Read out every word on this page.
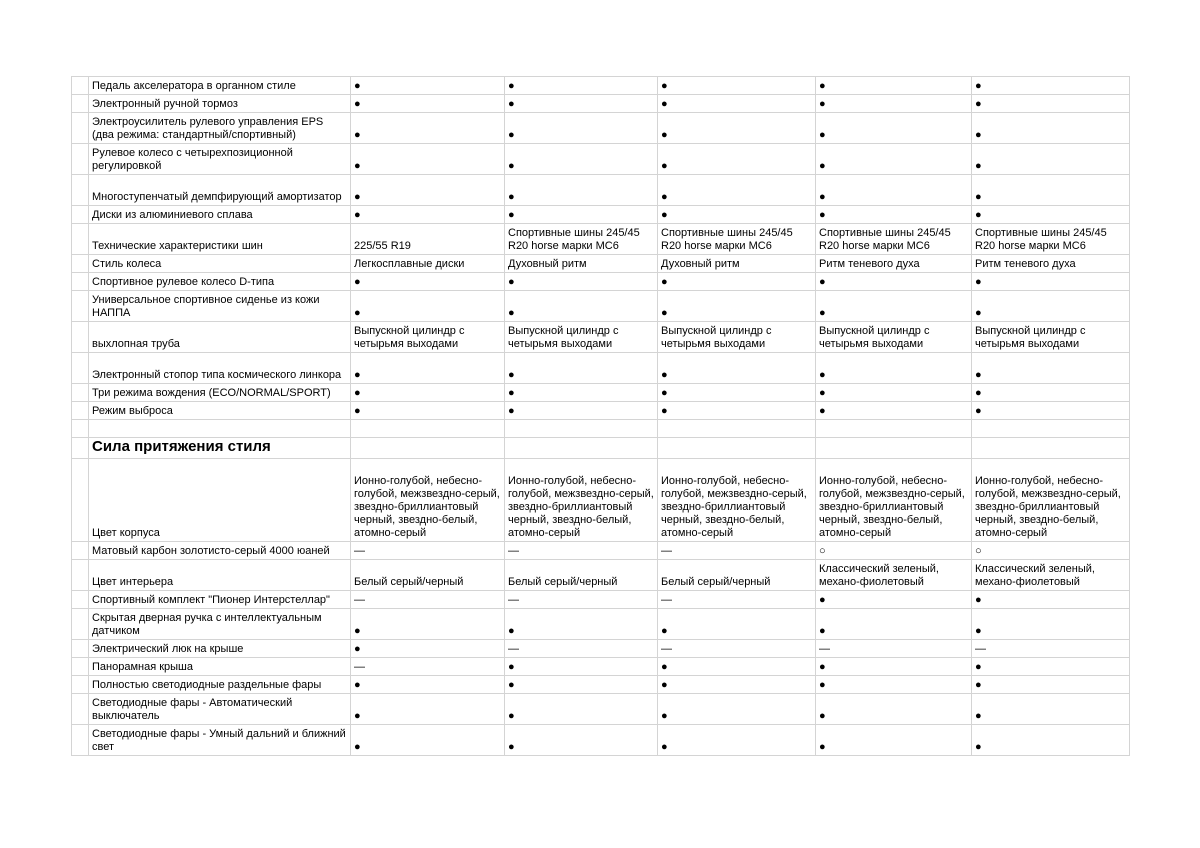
	Педаль акселератора в органном стиле	●	●	●	●	●
	Электронный ручной тормоз	●	●	●	●	●
	Электроусилитель рулевого управления EPS (два режима: стандартный/спортивный)	●	●	●	●	●
	Рулевое колесо с четырехпозиционной регулировкой	●	●	●	●	●
	Многоступенчатый демпфирующий амортизатор	●	●	●	●	●
	Диски из алюминиевого сплава	●	●	●	●	●
	Технические характеристики шин	225/55 R19	Спортивные шины 245/45 R20 horse марки MC6	Спортивные шины 245/45 R20 horse марки MC6	Спортивные шины 245/45 R20 horse марки MC6	Спортивные шины 245/45 R20 horse марки MC6
	Стиль колеса	Легкосплавные диски	Духовный ритм	Духовный ритм	Ритм теневого духа	Ритм теневого духа
	Спортивное рулевое колесо D-типа	●	●	●	●	●
	Универсальное спортивное сиденье из кожи НАППА	●	●	●	●	●
	выхлопная труба	Выпускной цилиндр с четырьмя выходами	Выпускной цилиндр с четырьмя выходами	Выпускной цилиндр с четырьмя выходами	Выпускной цилиндр с четырьмя выходами	Выпускной цилиндр с четырьмя выходами
	Электронный стопор типа космического линкора	●	●	●	●	●
	Три режима вождения (ECO/NORMAL/SPORT)	●	●	●	●	●
	Режим выброса	●	●	●	●	●

	Сила притяжения стиля					
	Цвет корпуса	Ионно-голубой, небесно-голубой, межзвездно-серый, звездно-бриллиантовый черный, звездно-белый, атомно-серый	Ионно-голубой, небесно-голубой, межзвездно-серый, звездно-бриллиантовый черный, звездно-белый, атомно-серый	Ионно-голубой, небесно-голубой, межзвездно-серый, звездно-бриллиантовый черный, звездно-белый, атомно-серый	Ионно-голубой, небесно-голубой, межзвездно-серый, звездно-бриллиантовый черный, звездно-белый, атомно-серый	Ионно-голубой, небесно-голубой, межзвездно-серый, звездно-бриллиантовый черный, звездно-белый, атомно-серый
	Матовый карбон золотисто-серый 4000 юаней	—	—	—	○	○
	Цвет интерьера	Белый серый/черный	Белый серый/черный	Белый серый/черный	Классический зеленый, механо-фиолетовый	Классический зеленый, механо-фиолетовый
	Спортивный комплект "Пионер Интерстеллар"	—	—	—	●	●
	Скрытая дверная ручка с интеллектуальным датчиком	●	●	●	●	●
	Электрический люк на крыше	●	—	—	—	—
	Панорамная крыша	—	●	●	●	●
	Полностью светодиодные раздельные фары	●	●	●	●	●
	Светодиодные фары - Автоматический выключатель	●	●	●	●	●
	Светодиодные фары - Умный дальний и ближний свет	●	●	●	●	●
